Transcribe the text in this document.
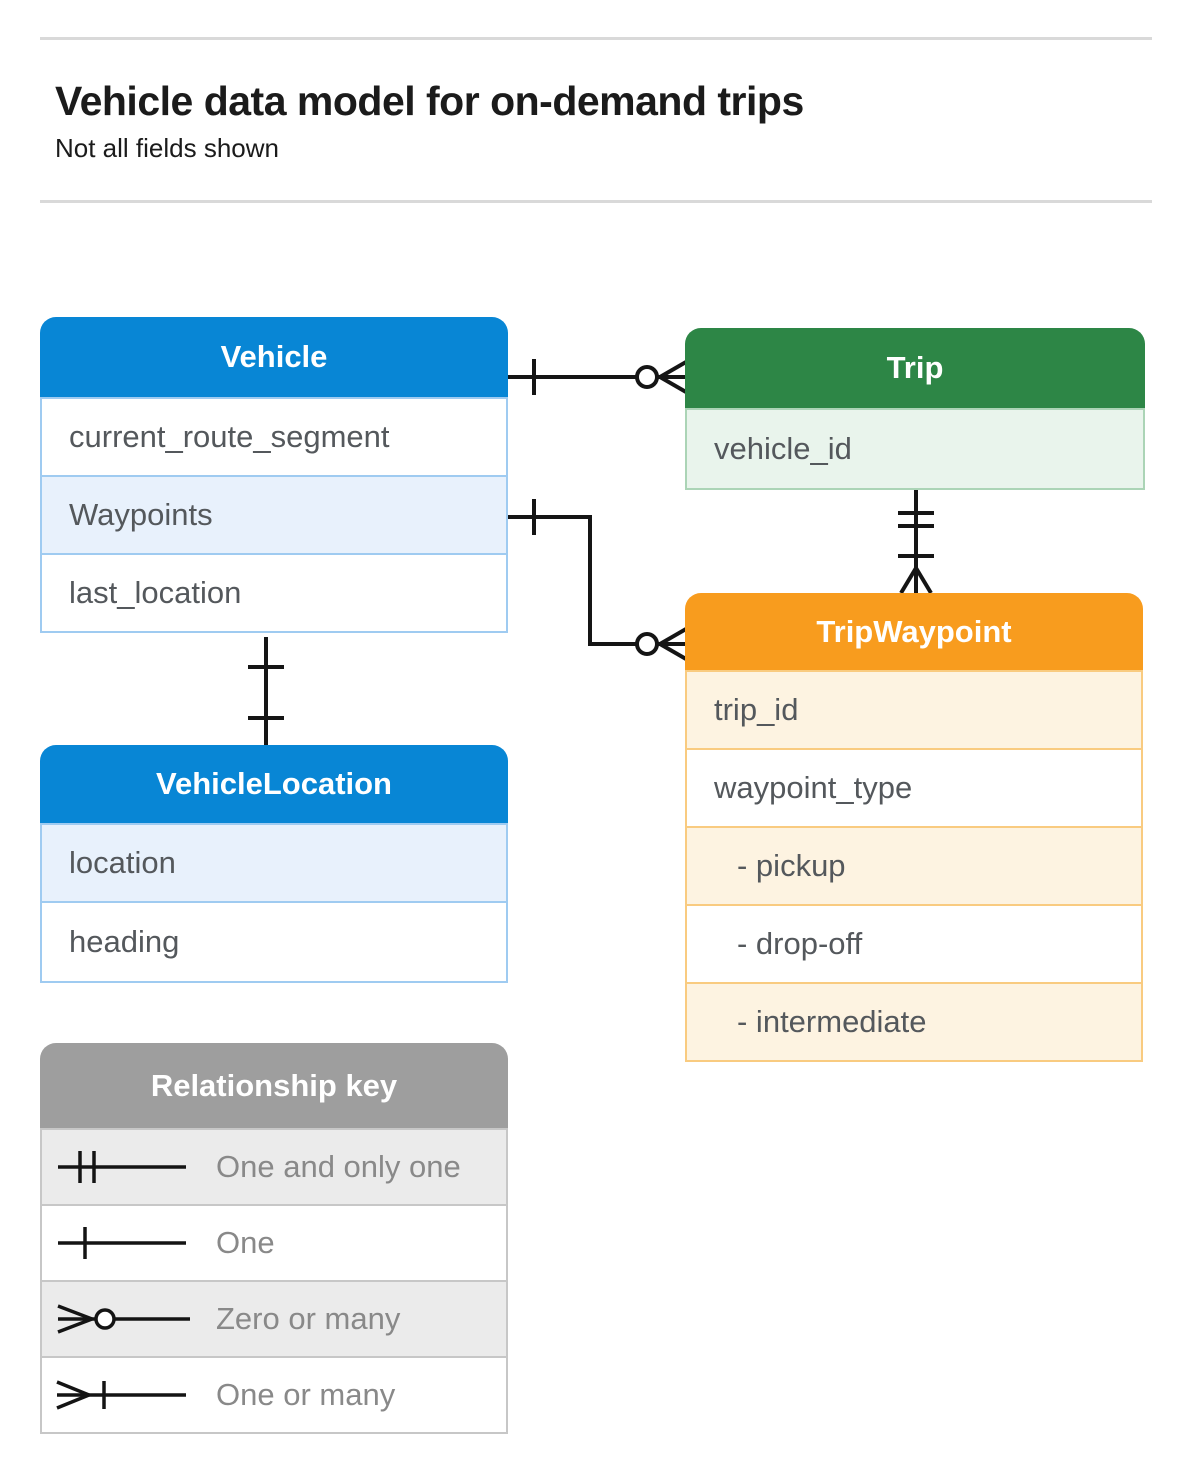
Vehicle data model for on-demand trips
Not all fields shown
Vehicle
current_route_segment
Waypoints
last_location
Trip
vehicle_id
TripWaypoint
trip_id
waypoint_type
- pickup
- drop-off
- intermediate
VehicleLocation
location
heading
Relationship key
One and only one
One
Zero or many
One or many
